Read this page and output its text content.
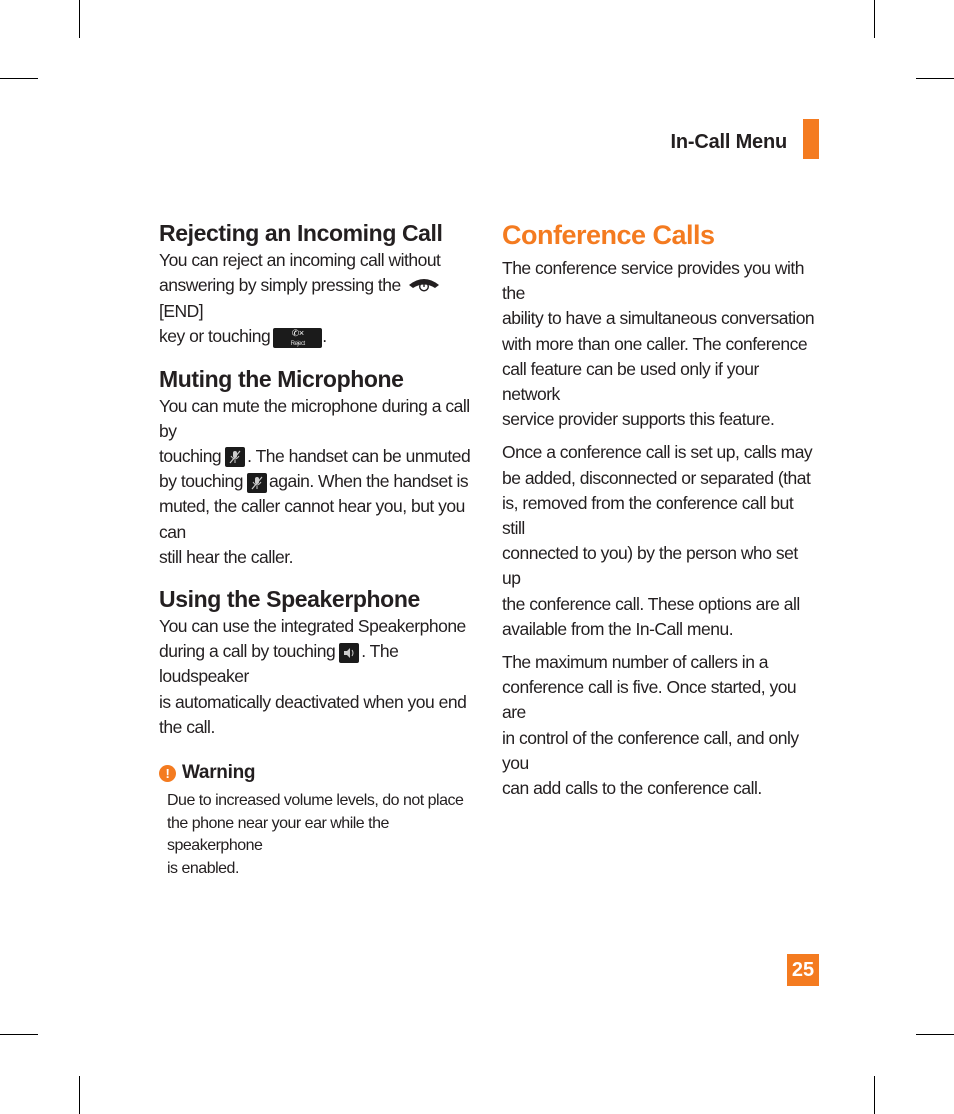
In-Call Menu
Rejecting an Incoming Call

You can reject an incoming call without
answering by simply pressing the[END]
key or touching	✆×
Reject	.

Muting the Microphone

You can mute the microphone during a call by
touching . The handset can be unmuted
by touching again. When the handset is
muted, the caller cannot hear you, but you can
still hear the caller.

Using the Speakerphone

You can use the integrated Speakerphone
during a call by touching . The loudspeaker
is automatically deactivated when you end
the call.

! Warning
Due to increased volume levels, do not place
the phone near your ear while the speakerphone
is enabled.
Conference Calls

The conference service provides you with the
ability to have a simultaneous conversation
with more than one caller. The conference
call feature can be used only if your network
service provider supports this feature.

Once a conference call is set up, calls may
be added, disconnected or separated (that
is, removed from the conference call but still
connected to you) by the person who set up
the conference call. These options are all
available from the In-Call menu.

The maximum number of callers in a
conference call is five. Once started, you are
in control of the conference call, and only you
can add calls to the conference call.

25
